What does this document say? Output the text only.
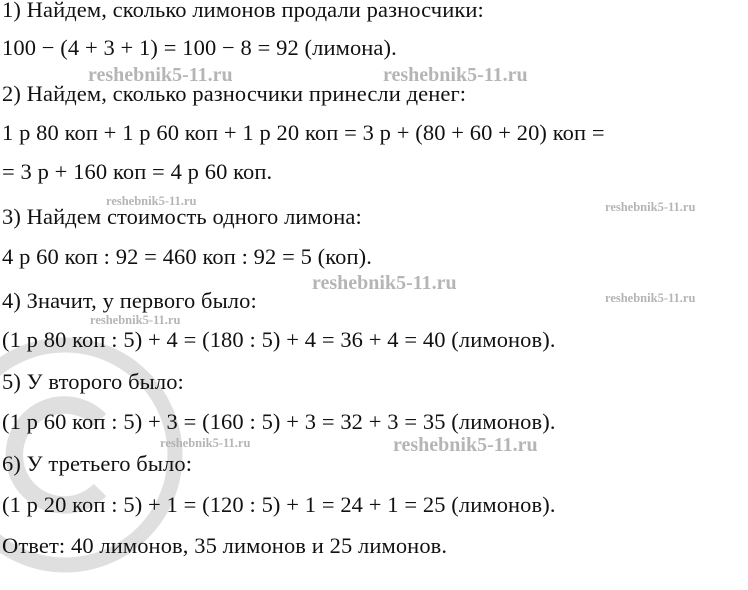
1) Найдем, сколько лимонов продали разносчики:
100 − (4 + 3 + 1) = 100 − 8 = 92 (лимона).
2) Найдем, сколько разносчики принесли денег:
1 р 80 коп + 1 р 60 коп + 1 р 20 коп = 3 р + (80 + 60 + 20) коп =
= 3 р + 160 коп = 4 р 60 коп.
3) Найдем стоимость одного лимона:
4 р 60 коп : 92 = 460 коп : 92 = 5 (коп).
4) Значит, у первого было:
(1 р 80 коп : 5) + 4 = (180 : 5) + 4 = 36 + 4 = 40 (лимонов).
5) У второго было:
(1 р 60 коп : 5) + 3 = (160 : 5) + 3 = 32 + 3 = 35 (лимонов).
6) У третьего было:
(1 р 20 коп : 5) + 1 = (120 : 5) + 1 = 24 + 1 = 25 (лимонов).
Ответ: 40 лимонов, 35 лимонов и 25 лимонов.
reshebnik5-11.ru	reshebnik5-11.ru
reshebnik5-11.ru	reshebnik5-11.ru
reshebnik5-11.ru
reshebnik5-11.ru
reshebnik5-11.ru
reshebnik5-11.ru	reshebnik5-11.ru
